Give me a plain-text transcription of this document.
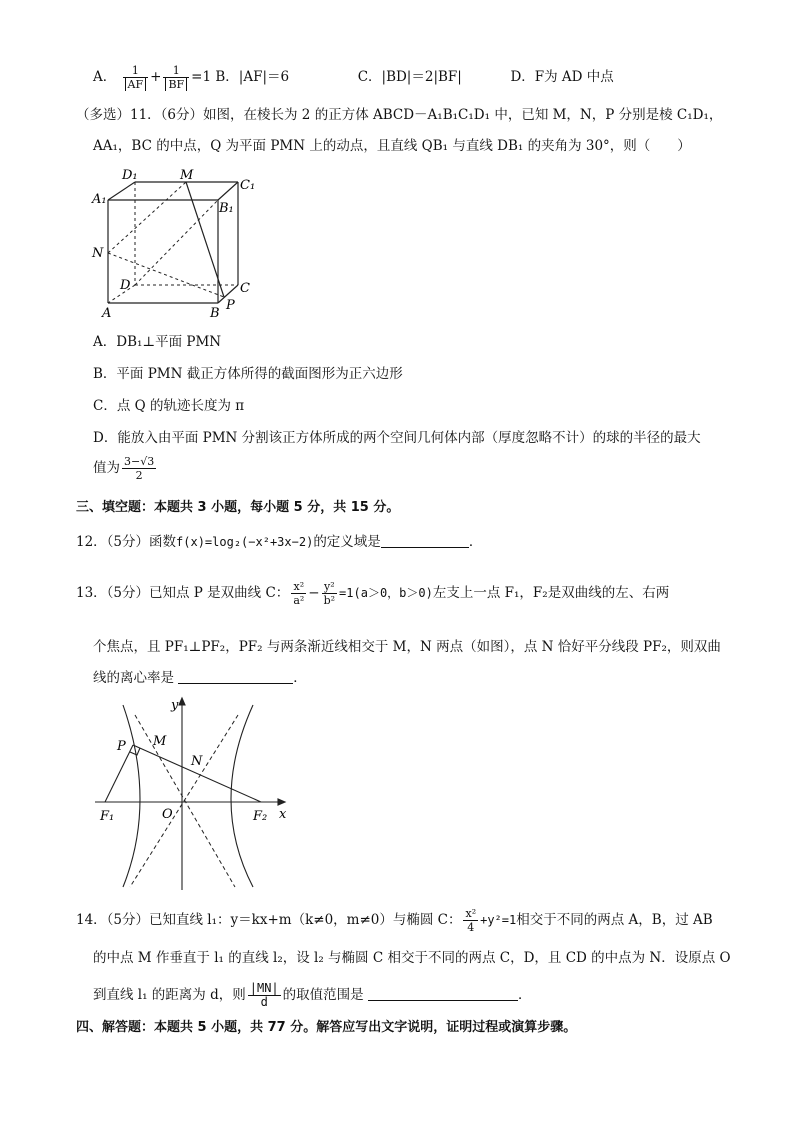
A． $\frac{1}{AF} + \frac{1}{BF} =1$ B．|AF|＝6	C．|BD|＝2|BF|	D．F为 AD 中点
（多选）11．（6分）如图，在棱长为 2 的正方体 ABCD－A₁B₁C₁D₁ 中，已知 M，N，P 分别是棱 C₁D₁，
AA₁，BC 的中点，Q 为平面 PMN 上的动点，且直线 QB₁ 与直线 DB₁ 的夹角为 30°，则（　　）
D₁	M
C₁
A₁
B₁
N
D	C
P
A	B
A．DB₁⊥平面 PMN
B．平面 PMN 截正方体所得的截面图形为正六边形
C．点 Q 的轨迹长度为 π
D．能放入由平面 PMN 分割该正方体所成的两个空间几何体内部（厚度忽略不计）的球的半径的最大
值为 $\frac{3-√3}{2}$
三、填空题：本题共 3 小题，每小题 5 分，共 15 分。
12．（5分）函数f(x)=log₂(−x²+3x−2)的定义域是	．
13．（5分）已知点 P 是双曲线 C： $\frac{\text{x²}}{\text{a²}} - \frac{\text{y²}}{\text{b²}} =1(a>0$，b＞0)左支上一点 F₁，F₂是双曲线的左、右两
个焦点，且 PF₁⊥PF₂，PF₂ 与两条渐近线相交于 M，N 两点（如图），点 N 恰好平分线段 PF₂，则双曲
线的离心率是	．
y
x
P M
N
O
F₁	F₂
14．（5分）已知直线 l₁：y＝kx+m（k≠0，m≠0）与椭圆 C： $\frac{\text{x²}}{4} +y^2=1$相交于不同的两点 A，B，过 AB
的中点 M 作垂直于 l₁ 的直线 l₂，设 l₂ 与椭圆 C 相交于不同的两点 C，D，且 CD 的中点为 N．设原点 O
到直线 l₁ 的距离为 d，则 $\frac{|MN|}{d}$ 的取值范围是	．
四、解答题：本题共 5 小题，共 77 分。解答应写出文字说明，证明过程或演算步骤。
